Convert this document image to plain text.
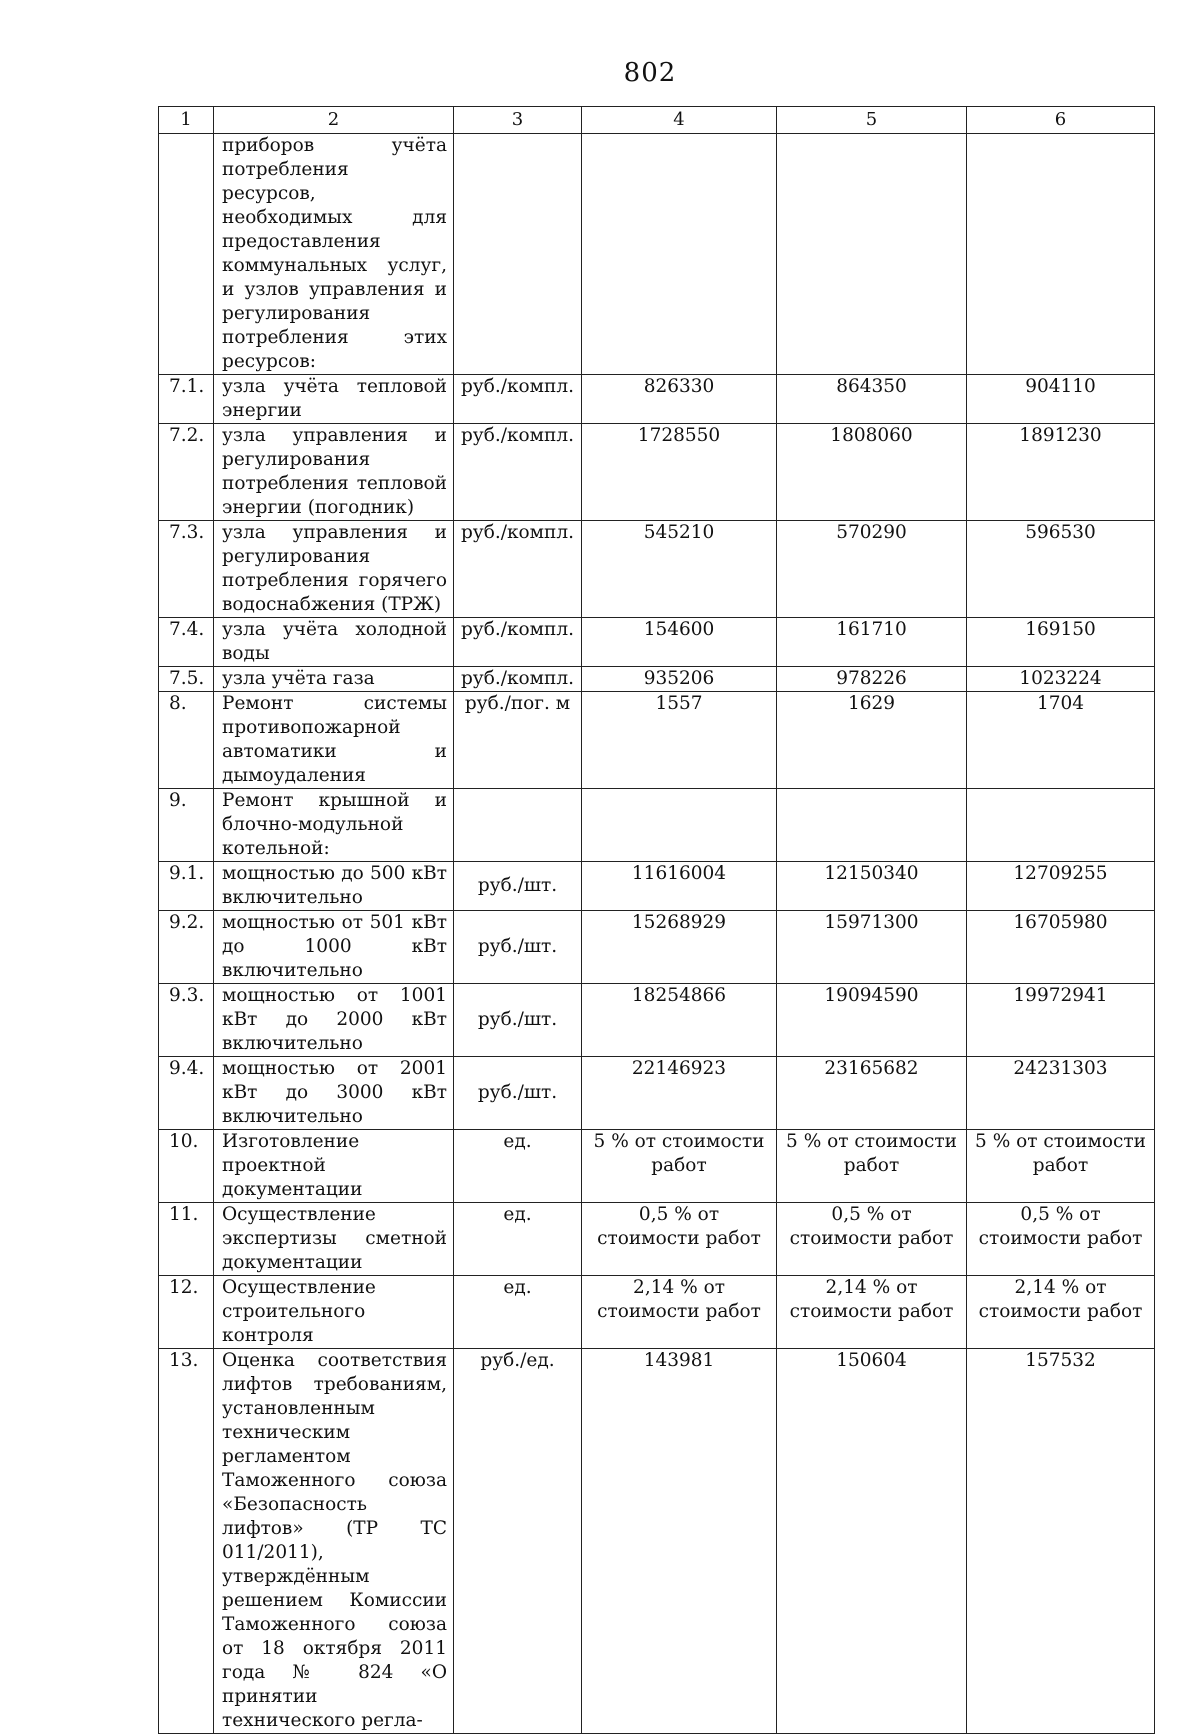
802
1	2	3	4	5	6
	приборов учёта потребления ресурсов, необходимых для предоставления коммунальных услуг, и узлов управления и регулирования потребления этих ресурсов:				
7.1.	узла учёта тепловой энергии	руб./компл.	826330	864350	904110
7.2.	узла управления и регулирования потребления тепловой энергии (погодник)	руб./компл.	1728550	1808060	1891230
7.3.	узла управления и регулирования потребления горячего водоснабжения (ТРЖ)	руб./компл.	545210	570290	596530
7.4.	узла учёта холодной воды	руб./компл.	154600	161710	169150
7.5.	узла учёта газа	руб./компл.	935206	978226	1023224
8.	Ремонт системы противопожарной автоматики и дымоудаления	руб./пог. м	1557	1629	1704
9.	Ремонт крышной и блочно-модульной котельной:				
9.1.	мощностью до 500 кВт включительно	руб./шт.	11616004	12150340	12709255
9.2.	мощностью от 501 кВт до 1000 кВт включительно	руб./шт.	15268929	15971300	16705980
9.3.	мощностью от 1001 кВт до 2000 кВт включительно	руб./шт.	18254866	19094590	19972941
9.4.	мощностью от 2001 кВт до 3000 кВт включительно	руб./шт.	22146923	23165682	24231303
10.	Изготовление проектной документации	ед.	5 % от стоимости работ	5 % от стоимости работ	5 % от стоимости работ
11.	Осуществление экспертизы сметной документации	ед.	0,5 % от стоимости работ	0,5 % от стоимости работ	0,5 % от стоимости работ
12.	Осуществление строительного контроля	ед.	2,14 % от стоимости работ	2,14 % от стоимости работ	2,14 % от стоимости работ
13.	Оценка соответствия лифтов требованиям, установленным техническим регламентом Таможенного союза «Безопасность лифтов» (ТР ТС 011/2011), утверждённым решением Комиссии Таможенного союза от 18 октября 2011 года № 824 «О принятии технического регла-	руб./ед.	143981	150604	157532
